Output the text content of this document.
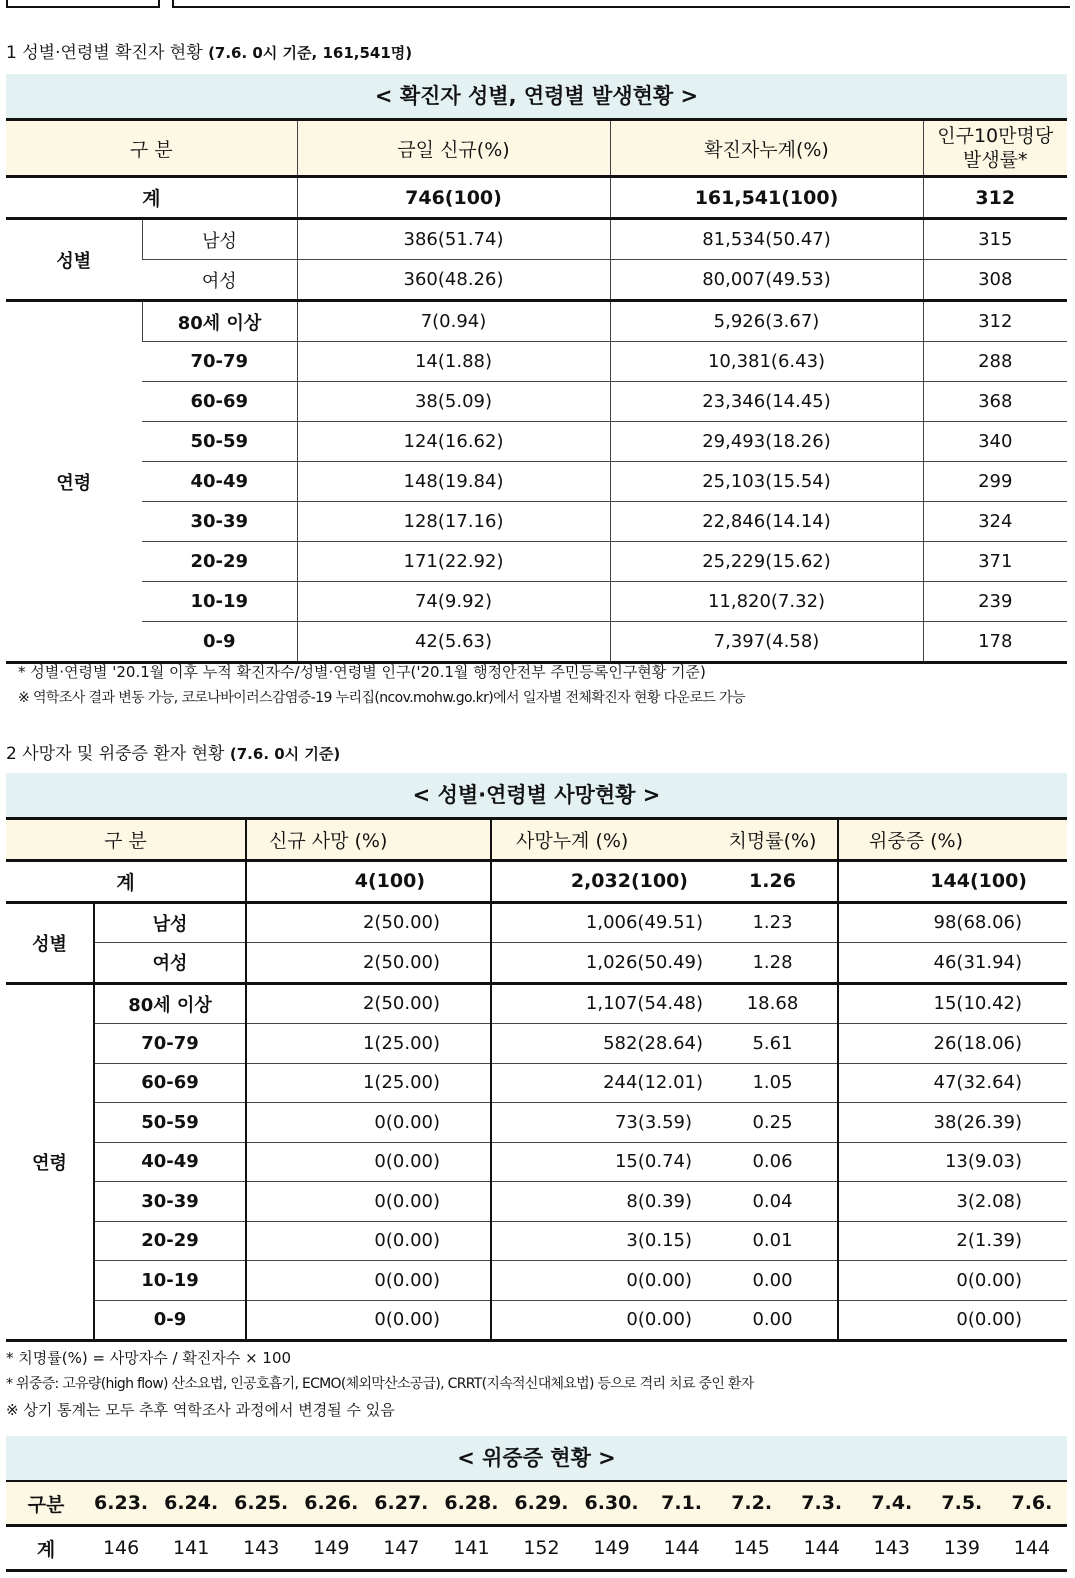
1 성별·연령별 확진자 현황 (7.6. 0시 기준, 161,541명)
< 확진자 성별, 연령별 발생현황 >
구 분		금일 신규(%)	확진자누계(%)	인구10만명당
발생률*

계		746(100)	161,541(100)	312
성별	남성	386(51.74)	81,534(50.47)	315
	여성	360(48.26)	80,007(49.53)	308
연령	80세 이상	7(0.94)	5,926(3.67)	312
	70-79	14(1.88)	10,381(6.43)	288
	60-69	38(5.09)	23,346(14.45)	368
	50-59	124(16.62)	29,493(18.26)	340
	40-49	148(19.84)	25,103(15.54)	299
	30-39	128(17.16)	22,846(14.14)	324
	20-29	171(22.92)	25,229(15.62)	371
	10-19	74(9.92)	11,820(7.32)	239
	0-9	42(5.63)	7,397(4.58)	178
* 성별·연령별 '20.1월 이후 누적 확진자수/성별·연령별 인구('20.1월 행정안전부 주민등록인구현황 기준)
※ 역학조사 결과 변동 가능, 코로나바이러스감염증-19 누리집(ncov.mohw.go.kr)에서 일자별 전체확진자 현황 다운로드 가능
2 사망자 및 위중증 환자 현황 (7.6. 0시 기준)
< 성별·연령별 사망현황 >
구 분		신규 사망 (%)	사망누계 (%)	치명률(%)	위중증 (%)
계		4(100)	2,032(100)	1.26	144(100)
성별	남성	2(50.00)	1,006(49.51)	1.23	98(68.06)
	여성	2(50.00)	1,026(50.49)	1.28	46(31.94)
연령	80세 이상	2(50.00)	1,107(54.48)	18.68	15(10.42)
	70-79	1(25.00)	582(28.64)	5.61	26(18.06)
	60-69	1(25.00)	244(12.01)	1.05	47(32.64)
	50-59	0(0.00)	73(3.59)	0.25	38(26.39)
	40-49	0(0.00)	15(0.74)	0.06	13(9.03)
	30-39	0(0.00)	8(0.39)	0.04	3(2.08)
	20-29	0(0.00)	3(0.15)	0.01	2(1.39)
	10-19	0(0.00)	0(0.00)	0.00	0(0.00)
	0-9	0(0.00)	0(0.00)	0.00	0(0.00)
* 치명률(%) = 사망자수 / 확진자수 × 100
* 위중증: 고유량(high flow) 산소요법, 인공호흡기, ECMO(체외막산소공급), CRRT(지속적신대체요법) 등으로 격리 치료 중인 환자
※ 상기 통계는 모두 추후 역학조사 과정에서 변경될 수 있음
< 위중증 현황 >
구분	6.23.	6.24.	6.25.	6.26.	6.27.	6.28.	6.29.	6.30.	7.1.	7.2.	7.3.	7.4.	7.5.	7.6.
계	146	141	143	149	147	141	152	149	144	145	144	143	139	144
